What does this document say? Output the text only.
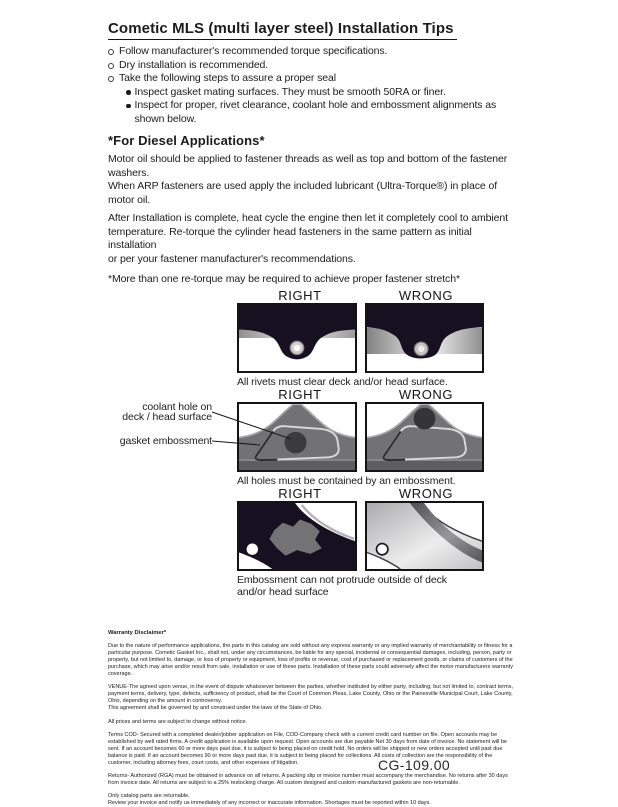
Cometic MLS (multi layer steel) Installation Tips
Follow manufacturer's recommended torque specifications.
Dry installation is recommended.
Take the following steps to assure a proper seal
Inspect gasket mating surfaces. They must be smooth 50RA or finer.
Inspect for proper, rivet clearance, coolant hole and embossment alignments as shown below.
*For Diesel Applications*
Motor oil should be applied to fastener threads as well as top and bottom of the fastener washers.
When ARP fasteners are used apply the included lubricant (Ultra-Torque®) in place of motor oil.
After Installation is complete, heat cycle the engine then let it completely cool to ambient
temperature. Re-torque the cylinder head fasteners in the same pattern as initial installation
or per your fastener manufacturer's recommendations.
*More than one re-torque may be required to achieve proper fastener stretch*
RIGHT	WRONG
All rivets must clear deck and/or head surface.
RIGHT	WRONG
All holes must be contained by an embossment.
coolant hole on
deck / head surface
gasket embossment
RIGHT	WRONG
Embossment can not protrude outside of deck
and/or head surface
Warranty Disclaimer*
Due to the nature of performance applications, the parts in this catalog are sold without any express warranty or any implied warranty of merchantability or fitness for a particular purpose. Cometic Gasket Inc., shall not, under any circumstances, be liable for any special, incidental or consequential damages, including, person, party or property, but not limited to, damage, or loss of property or equipment, loss of profits or revenue, cost of purchased or replacement goods, or claims of customers of the purchase, which may arise and/or result from sale, installation or use of these parts. Installation of these parts could adversely affect the motor manufacturers warranty coverage.
VENUE-The agreed upon venue, in the event of dispute whatsoever between the parties, whether instituted by either party, including, but not limited to, contract terms, payment terms, delivery, type, defects, sufficiency of product, shall be the Court of Common Pleas, Lake County, Ohio or the Painesville Municipal Court, Lake County, Ohio, depending on the amount in controversy.
This agreement shall be governed by and construed under the laws of the State of Ohio.
All prices and terms are subject to change without notice.
Terms COD- Secured with a completed dealer/jobber application on File, COD-Company check with a current credit card number on file. Open accounts may be established by well rated firms. A credit application is available upon request. Open accounts are due payable Net 30 days from date of invoice. No statement will be sent. If an account becomes 60 or more days past due, it is subject to being placed on credit hold. No orders will be shipped or new orders accepted until past due balance is paid. If an account becomes 90 or more days past due, it is subject to being placed for collections. All costs of collection are the responsibility of the customer, including attorney fees, court costs, and other expenses of litigation.
Returns- Authorized (RGA) must be obtained in advance on all returns. A packing slip or invoice number must accompany the merchandise. No returns after 30 days from invoice date. All returns are subject to a 25% restocking charge. All custom designed and custom manufactured gaskets are non-returnable.
Only catalog parts are returnable.
Review your invoice and notify us immediately of any incorrect or inaccurate information. Shortages must be reported within 10 days.
CG-109.00
